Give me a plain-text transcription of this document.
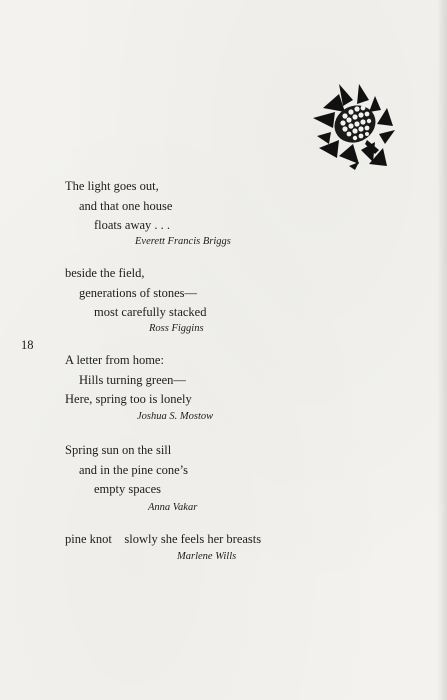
The light goes out,
and that one house
floats away . . .
Everett Francis Briggs
beside the field,
generations of stones—
most carefully stacked
Ross Figgins
18
A letter from home:
Hills turning green—
Here, spring too is lonely
Joshua S. Mostow
Spring sun on the sill
and in the pine cone’s
empty spaces
Anna Vakar
pine knot    slowly she feels her breasts
Marlene Wills
